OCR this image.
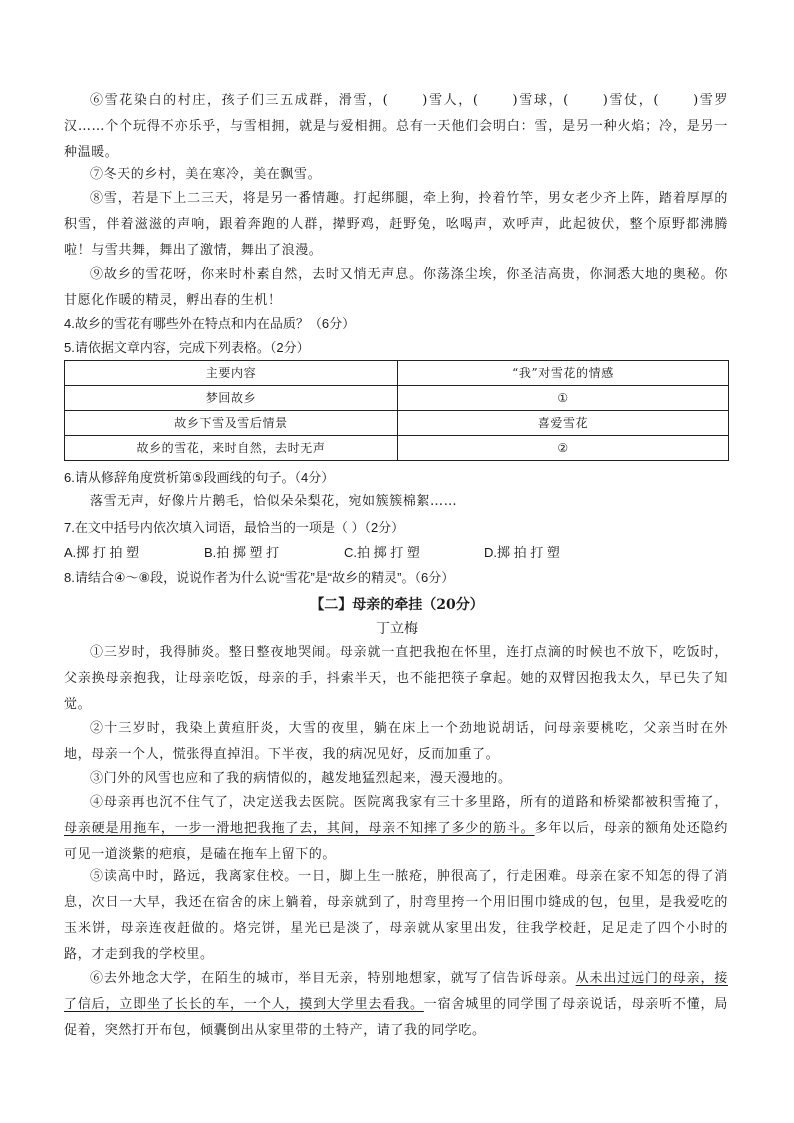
⑥雪花染白的村庄，孩子们三五成群，滑雪，(	)雪人，(	)雪球，(	)雪仗，(	)雪罗汉……个个玩得不亦乐乎，与雪相拥，就是与爱相拥。总有一天他们会明白：雪，是另一种火焰；冷，是另一种温暖。

⑦冬天的乡村，美在寒冷，美在飘雪。

⑧雪，若是下上二三天，将是另一番情趣。打起绑腿，牵上狗，拎着竹竿，男女老少齐上阵，踏着厚厚的积雪，伴着滋滋的声响，跟着奔跑的人群，撵野鸡，赶野兔，吆喝声，欢呼声，此起彼伏，整个原野都沸腾啦！与雪共舞，舞出了激情，舞出了浪漫。

⑨故乡的雪花呀，你来时朴素自然，去时又悄无声息。你荡涤尘埃，你圣洁高贵，你洞悉大地的奥秘。你甘愿化作暖的精灵，孵出春的生机！

4.故乡的雪花有哪些外在特点和内在品质？（6分）

5.请依据文章内容，完成下列表格。（2分）

主要内容	“我”对雪花的情感
梦回故乡	①
故乡下雪及雪后情景	喜爱雪花
故乡的雪花，来时自然，去时无声	②

6.请从修辞角度赏析第⑤段画线的句子。（4分）

落雪无声，好像片片鹅毛，恰似朵朵梨花，宛如簇簇棉絮……

7.在文中括号内依次填入词语，最恰当的一项是（ ）（2分）

A.掷 打 拍 塑	B.拍 掷 塑 打	C.拍 掷 打 塑	D.掷 拍 打 塑

8.请结合④～⑧段，说说作者为什么说“雪花”是“故乡的精灵”。（6分）

【二】母亲的牵挂（20分）
丁立梅

①三岁时，我得肺炎。整日整夜地哭闹。母亲就一直把我抱在怀里，连打点滴的时候也不放下，吃饭时，父亲换母亲抱我，让母亲吃饭，母亲的手，抖索半天，也不能把筷子拿起。她的双臂因抱我太久，早已失了知觉。

②十三岁时，我染上黄疸肝炎，大雪的夜里，躺在床上一个劲地说胡话，问母亲要桃吃，父亲当时在外地，母亲一个人，慌张得直掉泪。下半夜，我的病况见好，反而加重了。

③门外的风雪也应和了我的病情似的，越发地猛烈起来，漫天漫地的。

④母亲再也沉不住气了，决定送我去医院。医院离我家有三十多里路，所有的道路和桥梁都被积雪掩了，母亲硬是用拖车，一步一滑地把我拖了去，其间，母亲不知摔了多少的筋斗。多年以后，母亲的额角处还隐约可见一道淡紫的疤痕，是磕在拖车上留下的。

⑤读高中时，路远，我离家住校。一日，脚上生一脓疮，肿很高了，行走困难。母亲在家不知怎的得了消息，次日一大早，我还在宿舍的床上躺着，母亲就到了，肘弯里挎一个用旧围巾缝成的包，包里，是我爱吃的玉米饼，母亲连夜赶做的。烙完饼，星光已是淡了，母亲就从家里出发，往我学校赶，足足走了四个小时的路，才走到我的学校里。

⑥去外地念大学，在陌生的城市，举目无亲，特别地想家，就写了信告诉母亲。从未出过远门的母亲，接了信后，立即坐了长长的车，一个人，摸到大学里去看我。一宿舍城里的同学围了母亲说话，母亲听不懂，局促着，突然打开布包，倾囊倒出从家里带的土特产，请了我的同学吃。
